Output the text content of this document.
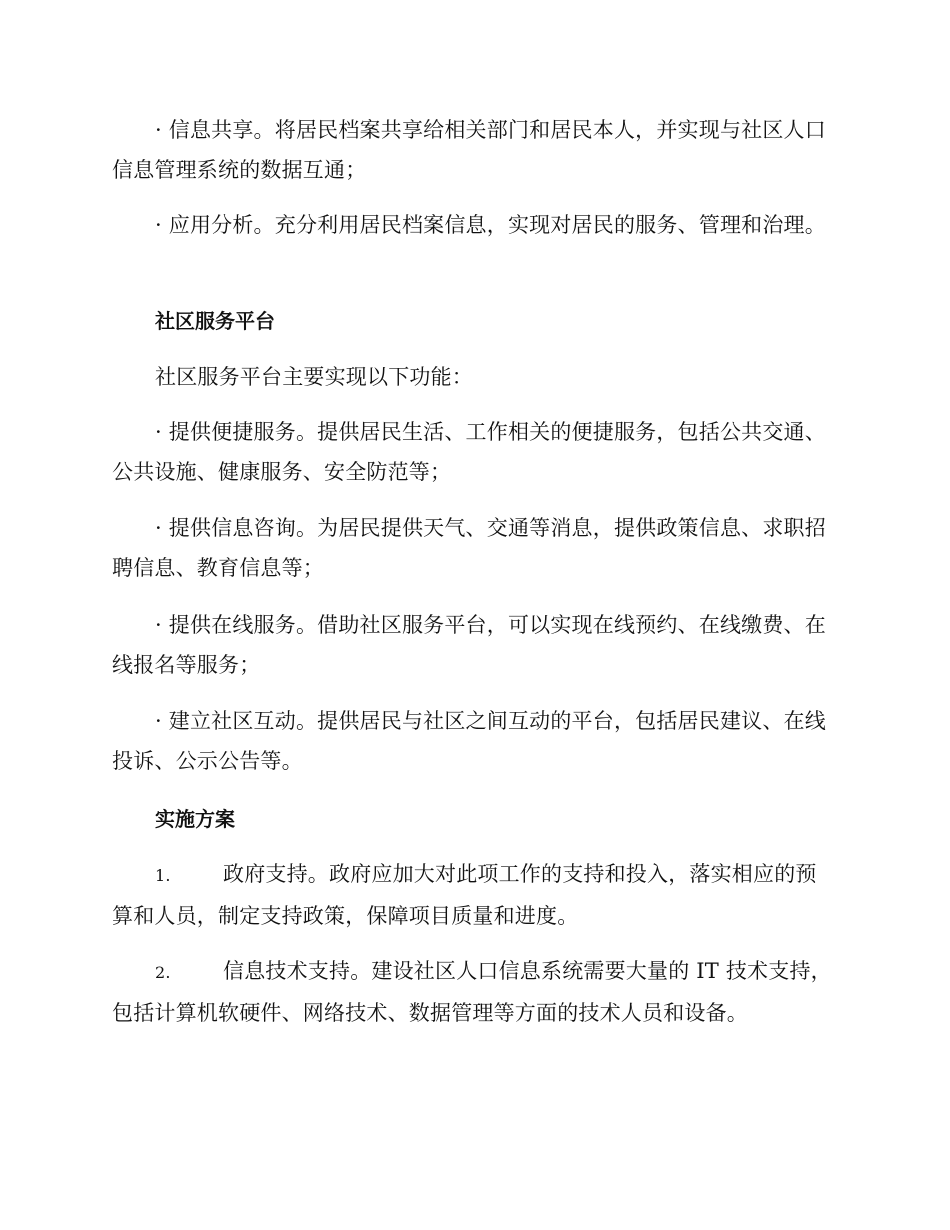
· 信息共享。将居民档案共享给相关部门和居民本人，并实现与社区人口信息管理系统的数据互通；

· 应用分析。充分利用居民档案信息，实现对居民的服务、管理和治理。

社区服务平台

社区服务平台主要实现以下功能：

· 提供便捷服务。提供居民生活、工作相关的便捷服务，包括公共交通、公共设施、健康服务、安全防范等；

· 提供信息咨询。为居民提供天气、交通等消息，提供政策信息、求职招聘信息、教育信息等；

· 提供在线服务。借助社区服务平台，可以实现在线预约、在线缴费、在线报名等服务；

· 建立社区互动。提供居民与社区之间互动的平台，包括居民建议、在线投诉、公示公告等。

实施方案

1. 政府支持。政府应加大对此项工作的支持和投入，落实相应的预算和人员，制定支持政策，保障项目质量和进度。

2. 信息技术支持。建设社区人口信息系统需要大量的 IT 技术支持，包括计算机软硬件、网络技术、数据管理等方面的技术人员和设备。
